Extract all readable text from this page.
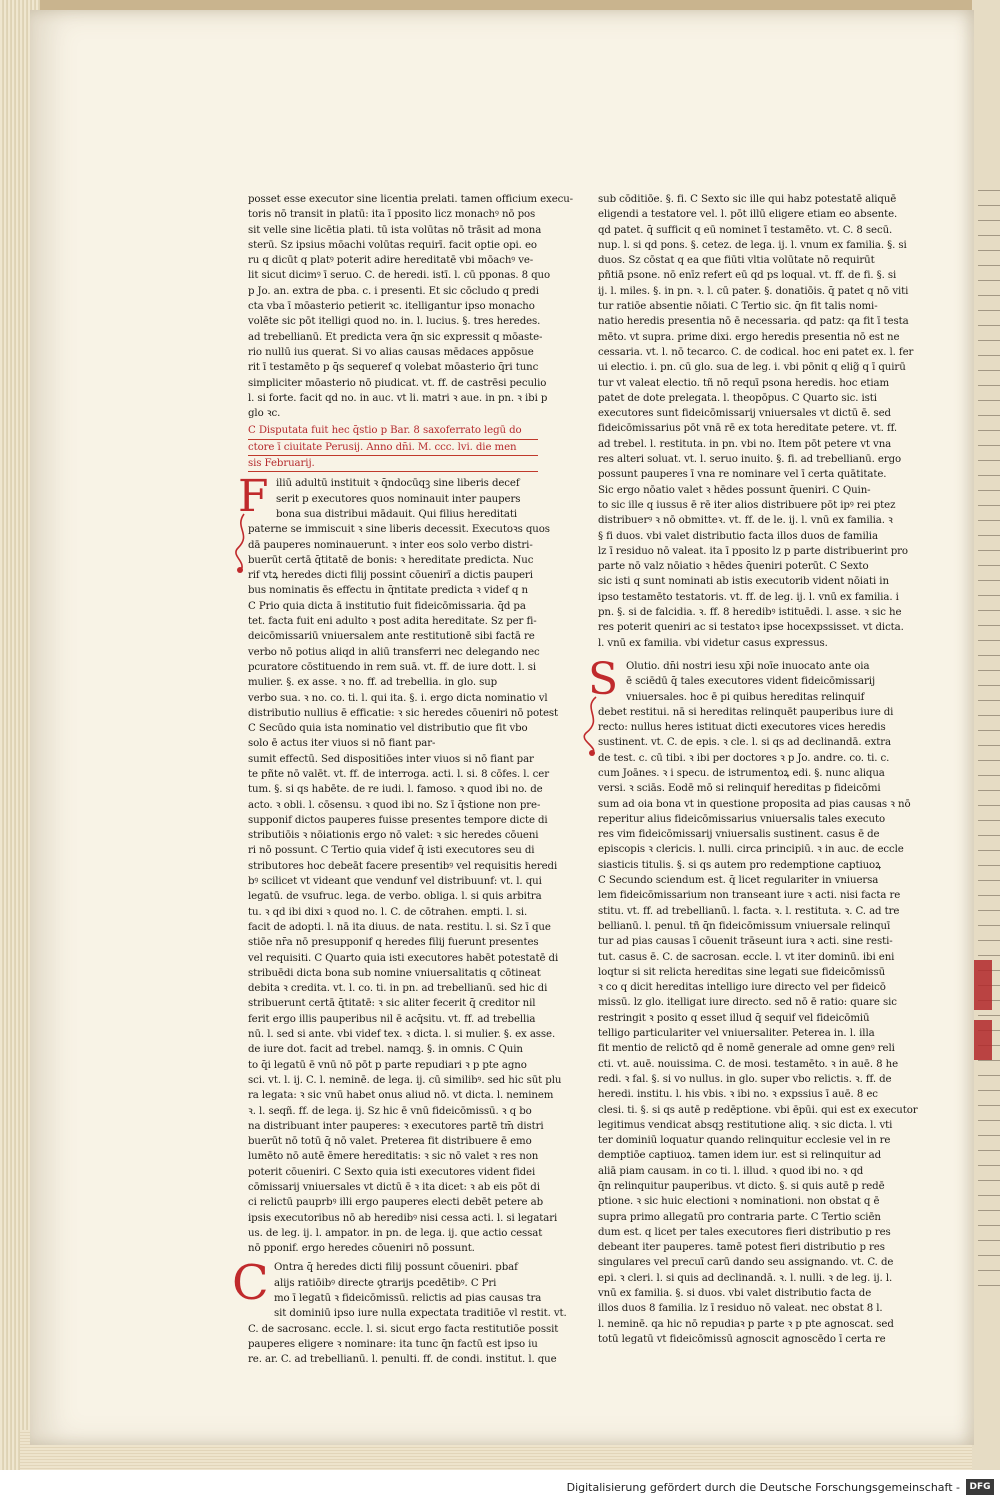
posset esse executor sine licentia prelati. tamen officium execu-
toris nō transit in platū: ita ī pposito licz monachꝰ nō pos
sit velle sine licētia plati. tū ista volūtas nō trāsit ad mona
sterū. Sz ipsius mōachi volūtas requirī. facit optie opi. eo
ru q dicūt q platꝰ poterit adire hereditatē vbi mōachꝰ ve-
lit sicut dicimꝰ ī seruo. C. de heredi. istī. l. cū pponas. 8 quo
p Jo. an. extra de pba. c. i presenti. Et sic cōcludo q predi
cta vba ī mōasterio petierit ꝛc. itelligantur ipso monacho
volēte sic pōt itelligi quod no. in. l. lucius. §. tres heredes.
ad trebellianū. Et predicta vera q̄n sic expressit q mōaste-
rio nullū ius querat. Si vo alias causas mēdaces appōsue
rit ī testamēto p q̄s sequeref q volebat mōasterio q̄ri tunc
simpliciter mōasterio nō piudicat. vt. ff. de castrēsi peculio
l. si forte. facit qd no. in auc. vt li. matri ꝛ aue. in pn. ꝛ ibi p
glo ꝛc.
C Disputata fuit hec q̄stio p Bar. 8 saxoferrato legū do
ctore ī ciuitate Perusij. Anno dn̄i. M. ccc. lvi. die men
sis Februarij.
F iliū adultū instituit ꝛ q̄ndocūqꝫ sine liberis decef
serit p executores quos nominauit inter paupers
bona sua distribui mādauit. Qui filius hereditati
paterne se immiscuit ꝛ sine liberis decessit. Executoꝛs quos
dā pauperes nominauerunt. ꝛ inter eos solo verbo distri-
buerūt certā q̄titatē de bonis: ꝛ hereditate predicta. Nuc
rif vtꝝ heredes dicti filij possint cōuenirī a dictis pauperi
bus nominatis ēs effectu in q̄ntitate predicta ꝛ videf q n
C Prio quia dicta ā institutio fuit fideicōmissaria. q̄d pa
tet. facta fuit eni adulto ꝛ post adita hereditate. Sz per fi-
deicōmissariū vniuersalem ante restitutionē sibi factā re
verbo nō potius aliqd in aliū transferri nec delegando nec
pcuratore cōstituendo in rem suā. vt. ff. de iure dott. l. si
mulier. §. ex asse. ꝛ no. ff. ad trebellia. in glo. sup
verbo sua. ꝛ no. co. ti. l. qui ita. §. i. ergo dicta nominatio vl
distributio nullius ē efficatie: ꝛ sic heredes cōueniri nō potest
C Secūdo quia ista nominatio vel distributio que fit vbo
solo ē actus iter viuos si nō fiant par-
sumit effectū. Sed dispositiōes inter viuos si nō fiant par
te pñte nō valēt. vt. ff. de interroga. acti. l. si. 8 cōfes. l. cer
tum. §. si qs habēte. de re iudi. l. famoso. ꝛ quod ibi no. de
acto. ꝛ obli. l. cōsensu. ꝛ quod ibi no. Sz ī q̄stione non pre-
supponif dictos pauperes fuisse presentes tempore dicte di
stributiōis ꝛ nōiationis ergo nō valet: ꝛ sic heredes cōueni
ri nō possunt. C Tertio quia videf q̄ isti executores seu di
stributores hoc debeāt facere presentibꝰ vel requisitis heredi
bꝰ scilicet vt videant que vendunf vel distribuunf: vt. l. qui
legatū. de vsufruc. lega. de verbo. obliga. l. si quis arbitra
tu. ꝛ qd ibi dixi ꝛ quod no. l. C. de cōtrahen. empti. l. si.
facit de adopti. l. nā ita diuus. de nata. restitu. l. si. Sz ī que
stiōe nr̄a nō presupponif q heredes filij fuerunt presentes
vel requisiti. C Quarto quia isti executores habēt potestatē di
stribuēdi dicta bona sub nomine vniuersalitatis q cōtineat
debita ꝛ credita. vt. l. co. ti. in pn. ad trebellianū. sed hic di
stribuerunt certā q̄titatē: ꝛ sic aliter fecerit q̄ creditor nil
ferit ergo illis pauperibus nil ē acq̄situ. vt. ff. ad trebellia
nū. l. sed si ante. vbi videf tex. ꝛ dicta. l. si mulier. §. ex asse.
de iure dot. facit ad trebel. namqꝫ. §. in omnis. C Quin
to q̄i legatū ē vnū nō pōt p parte repudiari ꝛ p pte agno
sci. vt. l. ij. C. l. neminē. de lega. ij. cū similibꝰ. sed hic sūt plu
ra legata: ꝛ sic vnū habet onus aliud nō. vt dicta. l. neminem
ꝛ. l. seqñ. ff. de lega. ij. Sz hic ē vnū fideicōmissū. ꝛ q bo
na distribuant inter pauperes: ꝛ executores partē tm̄ distri
buerūt nō totū q̄ nō valet. Preterea fit distribuere ē emo
lumēto nō autē ēmere hereditatis: ꝛ sic nō valet ꝛ res non
poterit cōueniri. C Sexto quia isti executores vident fidei
cōmissarij vniuersales vt dictū ē ꝛ ita dicet: ꝛ ab eis pōt di
ci relictū pauprbꝰ illi ergo pauperes electi debēt petere ab
ipsis executoribus nō ab heredibꝰ nisi cessa acti. l. si legatari
us. de leg. ij. l. ampator. in pn. de lega. ij. que actio cessat
nō pponif. ergo heredes cōueniri nō possunt.
C Ontra q̄ heredes dicti filij possunt cōueniri. pbaf
alijs ratiōibꝰ directe ꝯtrarijs pcedētibꝰ. C Pri
mo ī legatū ꝛ fideicōmissū. relictis ad pias causas tra
sit dominiū ipso iure nulla expectata traditiōe vl restit. vt.
C. de sacrosanc. eccle. l. si. sicut ergo facta restitutiōe possit
pauperes eligere ꝛ nominare: ita tunc q̄n factū est ipso iu
re. ar. C. ad trebellianū. l. penulti. ff. de condi. institut. l. que
sub cōditiōe. §. fi. C Sexto sic ille qui habz potestatē aliquē
eligendi a testatore vel. l. pōt illū eligere etiam eo absente.
qd patet. q̄ sufficit q eū nominet ī testamēto. vt. C. 8 secū.
nup. l. si qd pons. §. cetez. de lega. ij. l. vnum ex familia. §. si
duos. Sz cōstat q ea que fiūti vltia volūtate nō requirūt
pñtiā psone. nō enīz refert eū qd ps loqual. vt. ff. de fi. §. si
ij. l. miles. §. in pn. ꝛ. l. cū pater. §. donatiōis. q̄ patet q nō viti
tur ratiōe absentie nōiati. C Tertio sic. q̄n fit talis nomi-
natio heredis presentia nō ē necessaria. qd patz: qa fit ī testa
mēto. vt supra. prime dixi. ergo heredis presentia nō est ne
cessaria. vt. l. nō tecarco. C. de codical. hoc eni patet ex. l. fer
ui electio. i. pn. cū glo. sua de leg. i. vbi pōnit q elig̃ q ī quirū
tur vt valeat electio. tñ nō requī psona heredis. hoc etiam
patet de dote prelegata. l. theopōpus. C Quarto sic. isti
executores sunt fideicōmissarij vniuersales vt dictū ē. sed
fideicōmissarius pōt vnā rē ex tota hereditate petere. vt. ff.
ad trebel. l. restituta. in pn. vbi no. Item pōt petere vt vna
res alteri soluat. vt. l. seruo inuito. §. fi. ad trebellianū. ergo
possunt pauperes ī vna re nominare vel ī certa quātitate.
Sic ergo nōatio valet ꝛ hēdes possunt q̄ueniri. C Quin-
to sic ille q iussus ē rē iter alios distribuere pōt ipꝰ rei ptez
distribuerꝰ ꝛ nō obmitteꝛ. vt. ff. de le. ij. l. vnū ex familia. ꝛ
§ fi duos. vbi valet distributio facta illos duos de familia
lz ī residuo nō valeat. ita ī pposito lz p parte distribuerint pro
parte nō valz nōiatio ꝛ hēdes q̄ueniri poterūt. C Sexto
sic isti q sunt nominati ab istis executorib vident nōiati in
ipso testamēto testatoris. vt. ff. de leg. ij. l. vnū ex familia. i
pn. §. si de falcidia. ꝛ. ff. 8 heredibꝰ istituēdi. l. asse. ꝛ sic he
res poterit queniri ac si testatoꝛ ipse hocexpssisset. vt dicta.
l. vnū ex familia. vbi videtur casus expressus.
S Olutio. dn̄i nostri iesu xp̄i noīe inuocato ante oia
ē sciēdū q̄ tales executores vident fideicōmissarij
vniuersales. hoc ē pi quibus hereditas relinquif
debet restitui. nā si hereditas relinquēt pauperibus iure di
recto: nullus heres istituat dicti executores vices heredis
sustinent. vt. C. de epis. ꝛ cle. l. si qs ad declinandā. extra
de test. c. cū tibi. ꝛ ibi per doctores ꝛ p Jo. andre. co. ti. c.
cum Joānes. ꝛ i specu. de istrumentoꝝ edi. §. nunc aliqua
versi. ꝛ sciās. Eodē mō si relinquif hereditas p fideicōmi
sum ad oia bona vt in questione proposita ad pias causas ꝛ nō
reperitur alius fideicōmissarius vniuersalis tales executo
res vim fideicōmissarij vniuersalis sustinent. casus ē de
episcopis ꝛ clericis. l. nulli. circa principiū. ꝛ in auc. de eccle
siasticis titulis. §. si qs autem pro redemptione captiuoꝝ
C Secundo sciendum est. q̄ licet regulariter in vniuersa
lem fideicōmissarium non transeant iure ꝛ acti. nisi facta re
stitu. vt. ff. ad trebellianū. l. facta. ꝛ. l. restituta. ꝛ. C. ad tre
bellianū. l. penul. tñ q̄n fideicōmissum vniuersale relinquī
tur ad pias causas ī cōuenit trāseunt iura ꝛ acti. sine resti-
tut. casus ē. C. de sacrosan. eccle. l. vt iter dominū. ibi eni
loqtur si sit relicta hereditas sine legati sue fideicōmissū
ꝛ co q dicit hereditas intelligo iure directo vel per fideicō
missū. lz glo. itelligat iure directo. sed nō ē ratio: quare sic
restringit ꝛ posito q esset illud q̄ sequif vel fideicōmiū
telligo particulariter vel vniuersaliter. Peterea in. l. illa
fit mentio de relictō qd ē nomē generale ad omne genꝰ reli
cti. vt. auē. nouissima. C. de mosi. testamēto. ꝛ in auē. 8 he
redi. ꝛ fal. §. si vo nullus. in glo. super vbo relictis. ꝛ. ff. de
heredi. institu. l. his vbis. ꝛ ibi no. ꝛ expssius ī auē. 8 ec
clesi. ti. §. si qs autē p redēptione. vbi ēpūi. qui est ex executor
legitimus vendicat absqꝫ restitutione aliq. ꝛ sic dicta. l. vti
ter dominiū loquatur quando relinquitur ecclesie vel in re
demptiōe captiuoꝝ. tamen idem iur. est si relinquitur ad
aliā piam causam. in co ti. l. illud. ꝛ quod ibi no. ꝛ qd
q̄n relinquitur pauperibus. vt dicto. §. si quis autē p redē
ptione. ꝛ sic huic electioni ꝛ nominationi. non obstat q ē
supra primo allegatū pro contraria parte. C Tertio sciēn
dum est. q licet per tales executores fieri distributio p res
debeant iter pauperes. tamē potest fieri distributio p res
singulares vel precuī carū dando seu assignando. vt. C. de
epi. ꝛ cleri. l. si quis ad declinandā. ꝛ. l. nulli. ꝛ de leg. ij. l.
vnū ex familia. §. si duos. vbi valet distributio facta de
illos duos 8 familia. lz ī residuo nō valeat. nec obstat 8 l.
l. neminē. qa hic nō repudiaꝛ p parte ꝛ p pte agnoscat. sed
totū legatū vt fideicōmissū agnoscit agnoscēdo ī certa re
Digitalisierung gefördert durch die Deutsche Forschungsgemeinschaft -	DFG
